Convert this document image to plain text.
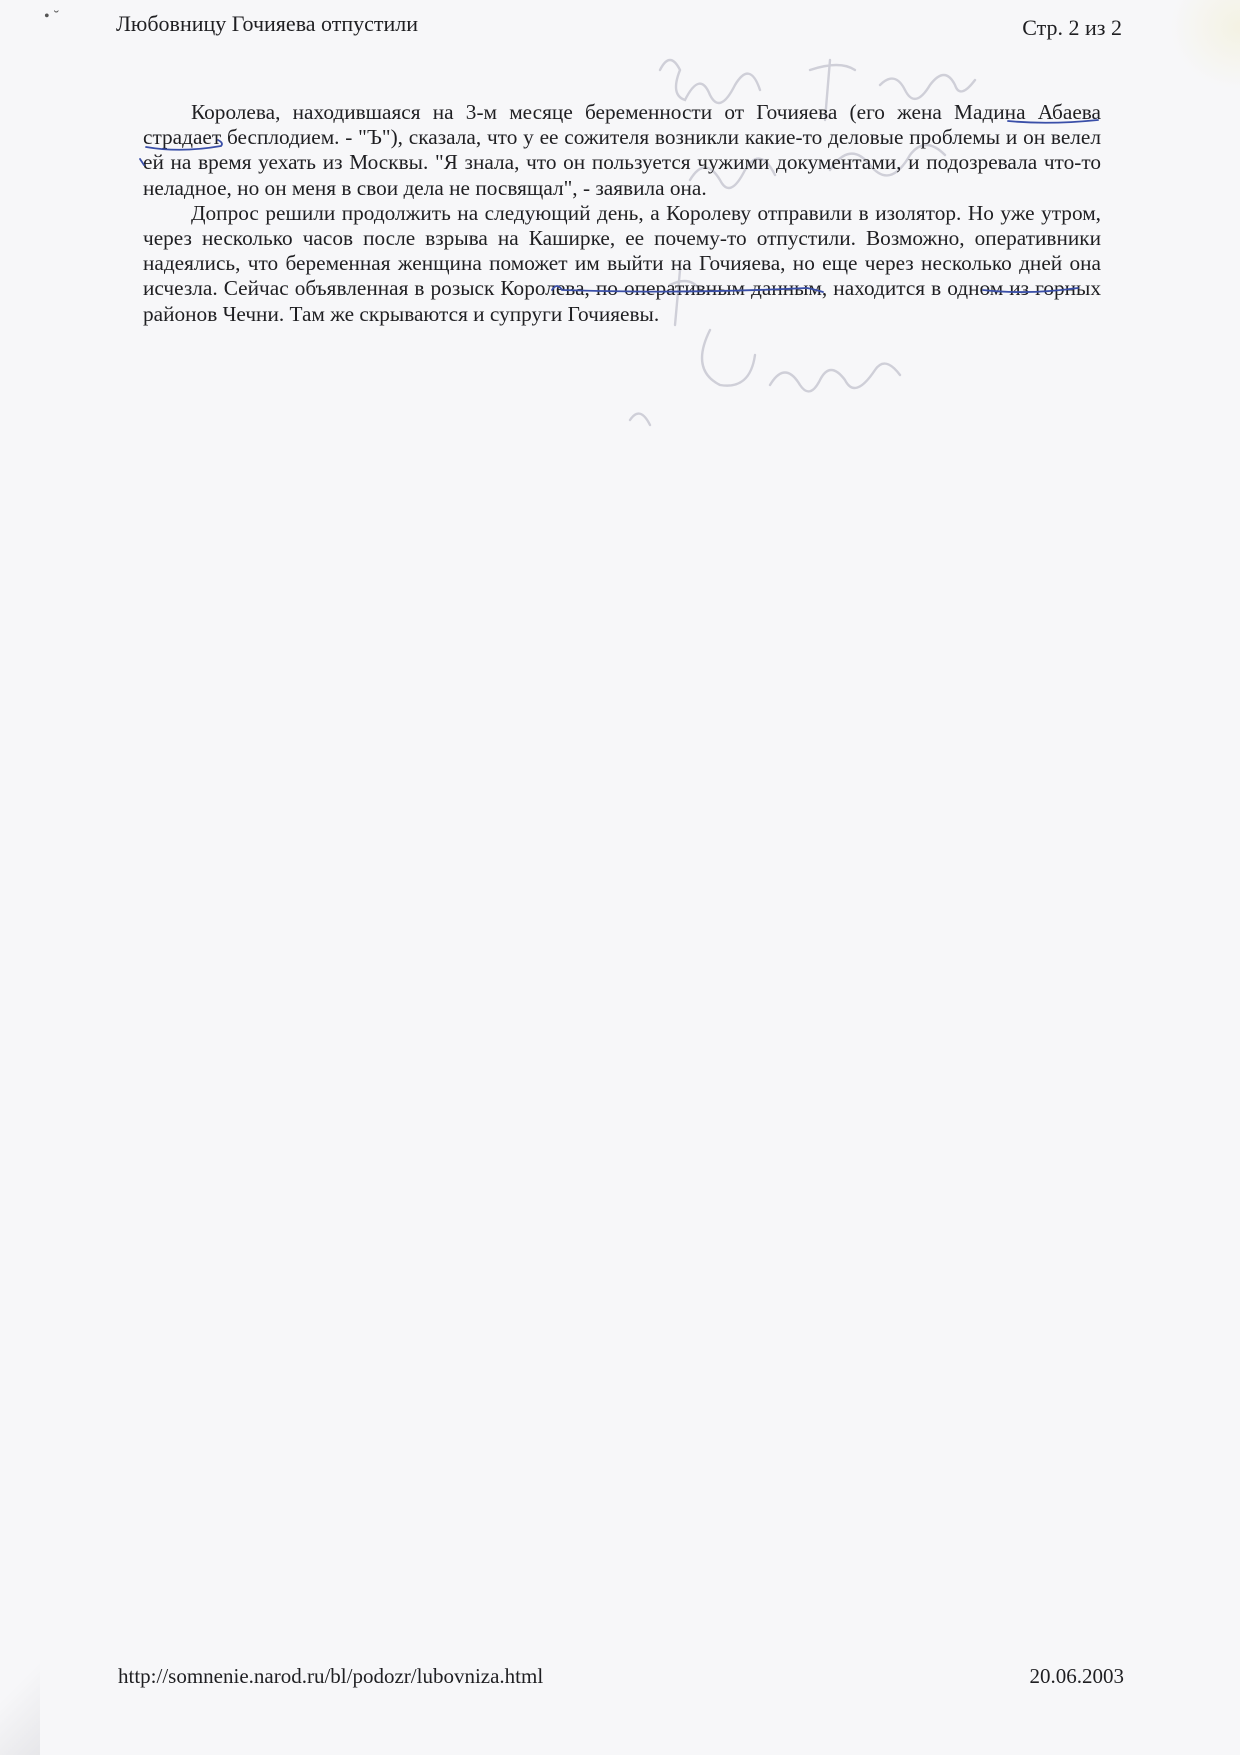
• ˘	Любовницу Гочияева отпустили	Стр. 2 из 2

Королева, находившаяся на 3-м месяце беременности от Гочияева (его жена Мадина Абаева страдает бесплодием. - "Ъ"), сказала, что у ее сожителя возникли какие-то деловые проблемы и он велел ей на время уехать из Москвы. "Я знала, что он пользуется чужими документами, и подозревала что-то неладное, но он меня в свои дела не посвящал", - заявила она.

Допрос решили продолжить на следующий день, а Королеву отправили в изолятор. Но уже утром, через несколько часов после взрыва на Каширке, ее почему-то отпустили. Возможно, оперативники надеялись, что беременная женщина поможет им выйти на Гочияева, но еще через несколько дней она исчезла. Сейчас объявленная в розыск Королева, по оперативным данным, находится в одном из горных районов Чечни. Там же скрываются и супруги Гочияевы.

http://somnenie.narod.ru/bl/podozr/lubovniza.html	20.06.2003
